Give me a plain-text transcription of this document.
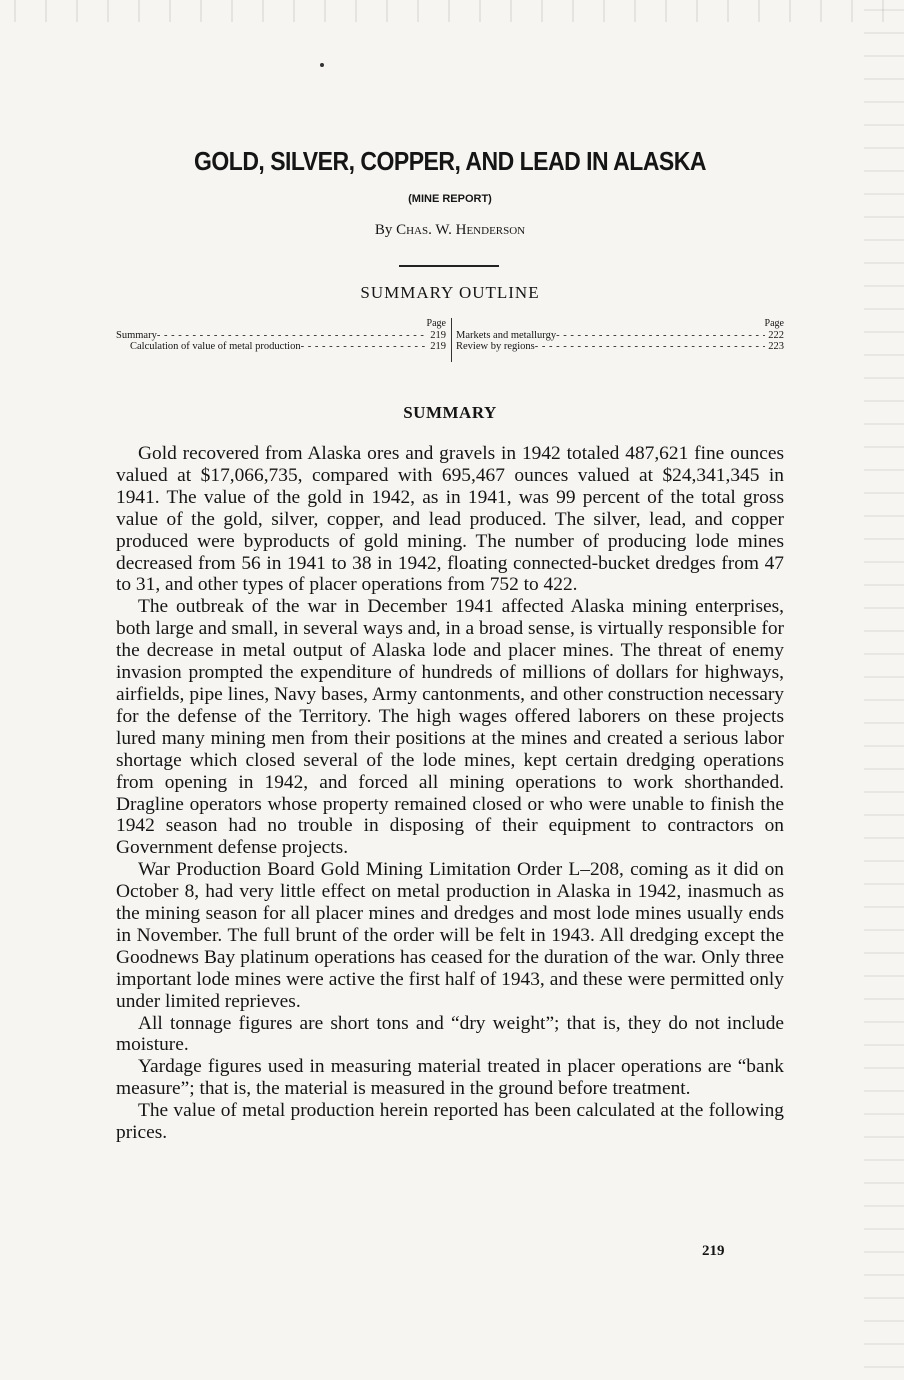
GOLD, SILVER, COPPER, AND LEAD IN ALASKA
(MINE REPORT)
By Chas. W. Henderson
SUMMARY OUTLINE
Page
Summary - - -	219
Calculation of value of metal production - - -	219
Page
Markets and metallurgy - - -	222
Review by regions - - -	223
SUMMARY

Gold recovered from Alaska ores and gravels in 1942 totaled 487,621 fine ounces valued at $17,066,735, compared with 695,467 ounces valued at $24,341,345 in 1941. The value of the gold in 1942, as in 1941, was 99 percent of the total gross value of the gold, silver, copper, and lead produced. The silver, lead, and copper produced were byproducts of gold mining. The number of producing lode mines decreased from 56 in 1941 to 38 in 1942, floating connected-bucket dredges from 47 to 31, and other types of placer operations from 752 to 422.

The outbreak of the war in December 1941 affected Alaska mining enterprises, both large and small, in several ways and, in a broad sense, is virtually responsible for the decrease in metal output of Alaska lode and placer mines. The threat of enemy invasion prompted the expenditure of hundreds of millions of dollars for highways, airfields, pipe lines, Navy bases, Army cantonments, and other construction necessary for the defense of the Territory. The high wages offered laborers on these projects lured many mining men from their positions at the mines and created a serious labor shortage which closed several of the lode mines, kept certain dredging operations from opening in 1942, and forced all mining operations to work shorthanded. Dragline operators whose property remained closed or who were unable to finish the 1942 season had no trouble in disposing of their equipment to contractors on Government defense projects.

War Production Board Gold Mining Limitation Order L–208, coming as it did on October 8, had very little effect on metal production in Alaska in 1942, inasmuch as the mining season for all placer mines and dredges and most lode mines usually ends in November. The full brunt of the order will be felt in 1943. All dredging except the Goodnews Bay platinum operations has ceased for the duration of the war. Only three important lode mines were active the first half of 1943, and these were permitted only under limited reprieves.

All tonnage figures are short tons and “dry weight”; that is, they do not include moisture.

Yardage figures used in measuring material treated in placer operations are “bank measure”; that is, the material is measured in the ground before treatment.

The value of metal production herein reported has been calculated at the following prices.

219
